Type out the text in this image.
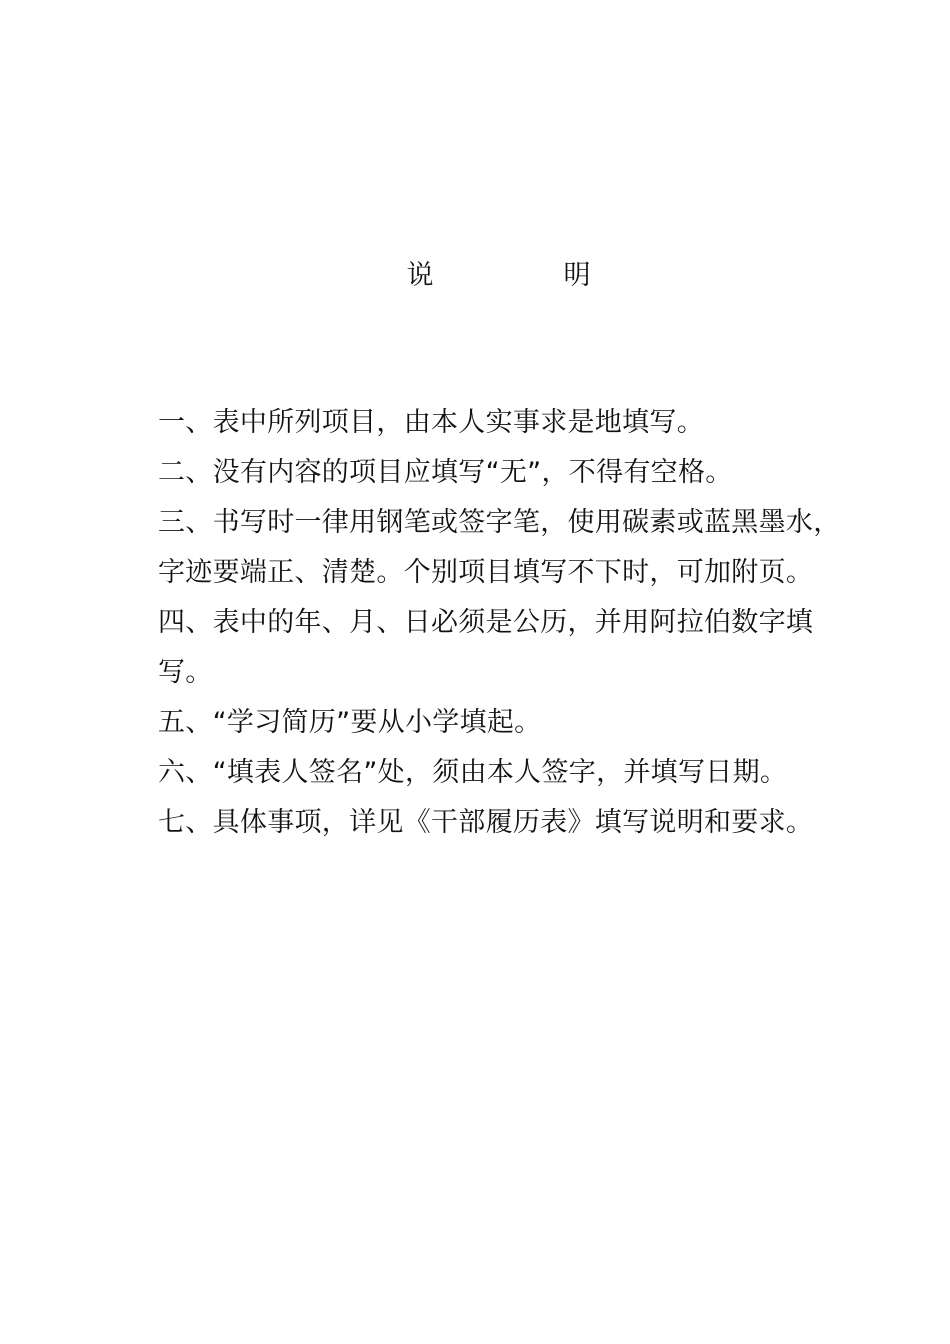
说	明
一、表中所列项目，由本人实事求是地填写。
二、没有内容的项目应填写“无”，不得有空格。
三、书写时一律用钢笔或签字笔，使用碳素或蓝黑墨水，
字迹要端正、清楚。个别项目填写不下时，可加附页。
四、表中的年、月、日必须是公历，并用阿拉伯数字填
写。
五、“学习简历”要从小学填起。
六、“填表人签名”处，须由本人签字，并填写日期。
七、具体事项，详见《干部履历表》填写说明和要求。
